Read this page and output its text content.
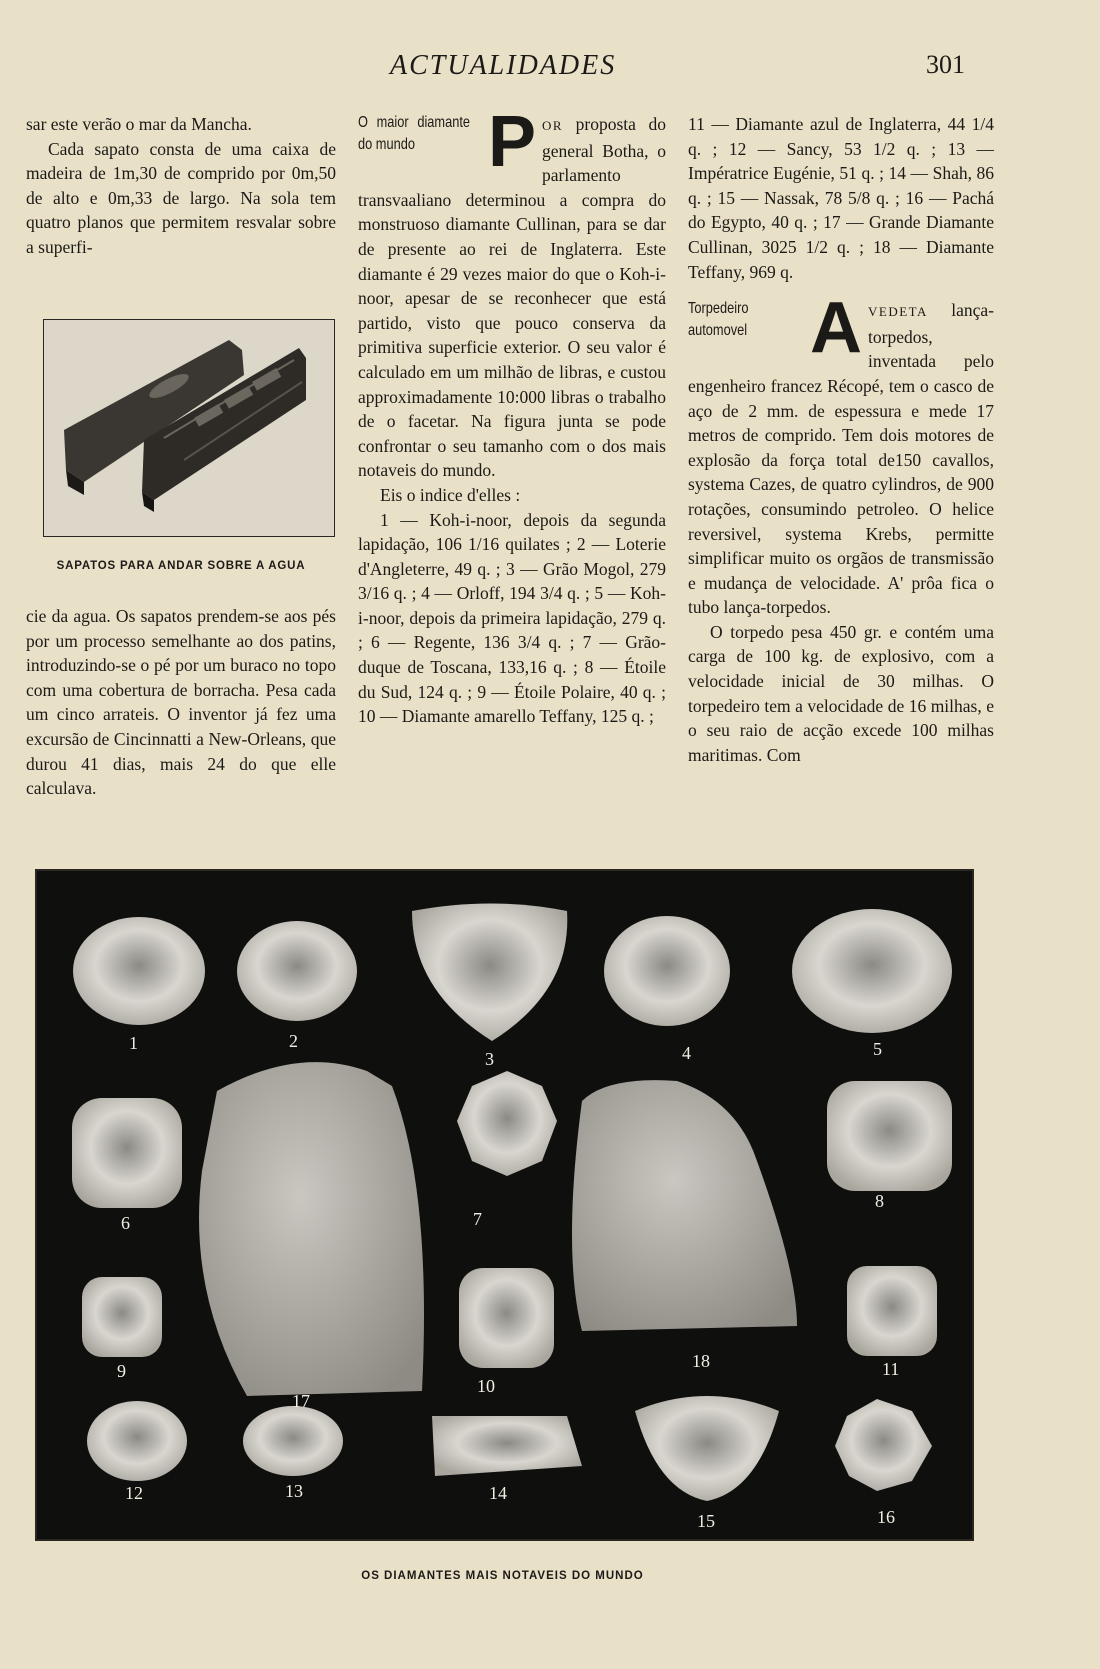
ACTUALIDADES	301

sar este verão o mar da Mancha.

Cada sapato consta de uma caixa de madeira de 1m,30 de comprido por 0m,50 de alto e 0m,33 de largo. Na sola tem quatro planos que permitem resvalar sobre a superfi-

SAPATOS PARA ANDAR SOBRE A AGUA

cie da agua. Os sapatos prendem-se aos pés por um processo semelhante ao dos patins, introduzindo-se o pé por um buraco no topo com uma cobertura de borracha. Pesa cada um cinco arrateis. O inventor já fez uma excursão de Cincinnatti a New-Orleans, que durou 41 dias, mais 24 do que elle calculava.

O maior diamante do mundo	P OR proposta do general Botha, o parlamento transvaaliano determinou a compra do monstruoso diamante Cullinan, para se dar de presente ao rei de Inglaterra. Este diamante é 29 vezes maior do que o Koh-i-noor, apesar de se reconhecer que está partido, visto que pouco conserva da primitiva superficie exterior. O seu valor é calculado em um milhão de libras, e custou approximadamente 10:000 libras o trabalho de o facetar. Na figura junta se pode confrontar o seu tamanho com o dos mais notaveis do mundo.

Eis o indice d'elles :

1 — Koh-i-noor, depois da segunda lapidação, 106 1/16 quilates ; 2 — Loterie d'Angleterre, 49 q. ; 3 — Grão Mogol, 279 3/16 q. ; 4 — Orloff, 194 3/4 q. ; 5 — Koh-i-noor, depois da primeira lapidação, 279 q. ; 6 — Regente, 136 3/4 q. ; 7 — Grão-duque de Toscana, 133,16 q. ; 8 — Étoile du Sud, 124 q. ; 9 — Étoile Polaire, 40 q. ; 10 — Diamante amarello Teffany, 125 q. ;

11 — Diamante azul de Inglaterra, 44 1/4 q. ; 12 — Sancy, 53 1/2 q. ; 13 — Impératrice Eugénie, 51 q. ; 14 — Shah, 86 q. ; 15 — Nassak, 78 5/8 q. ; 16 — Pachá do Egypto, 40 q. ; 17 — Grande Diamante Cullinan, 3025 1/2 q. ; 18 — Diamante Teffany, 969 q.

Torpedeiro automovel A VEDETA lança-torpedos, inventada pelo engenheiro francez Récopé, tem o casco de aço de 2 mm. de espessura e mede 17 metros de comprido. Tem dois motores de explosão da força total de150 cavallos, systema Cazes, de quatro cylindros, de 900 rotações, consumindo petroleo. O helice reversivel, systema Krebs, permitte simplificar muito os orgãos de transmissão e mudança de velocidade. A' prôa fica o tubo lança-torpedos.

O torpedo pesa 450 gr. e contém uma carga de 100 kg. de explosivo, com a velocidade inicial de 30 milhas. O torpedeiro tem a velocidade de 16 milhas, e o seu raio de acção excede 100 milhas maritimas. Com

1	2
3	4	5
6	7
8
9
10
11
12	13	14
15	16
17
18
OS DIAMANTES MAIS NOTAVEIS DO MUNDO
